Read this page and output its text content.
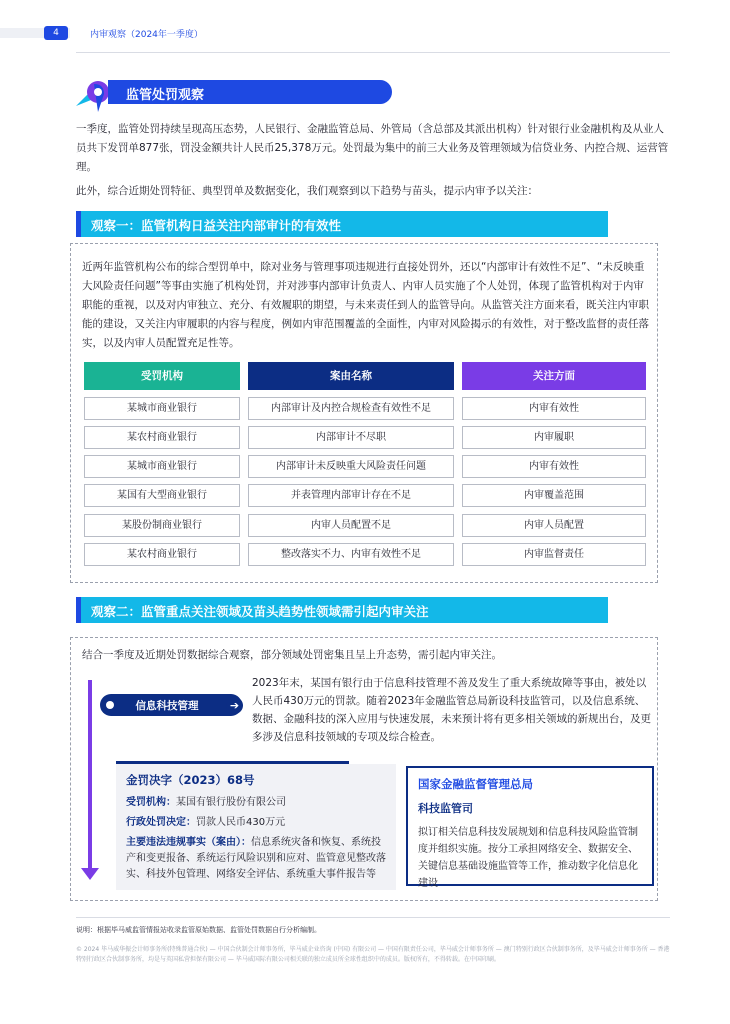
4	内审观察（2024年一季度）
监管处罚观察

一季度，监管处罚持续呈现高压态势，人民银行、金融监管总局、外管局（含总部及其派出机构）针对银行业金融机构及从业人员共下发罚单877张，罚没金额共计人民币25,378万元。处罚最为集中的前三大业务及管理领域为信贷业务、内控合规、运营管理。

此外，综合近期处罚特征、典型罚单及数据变化，我们观察到以下趋势与苗头，提示内审予以关注：

观察一：监管机构日益关注内部审计的有效性

近两年监管机构公布的综合型罚单中，除对业务与管理事项违规进行直接处罚外，还以“内部审计有效性不足”、“未反映重大风险责任问题”等事由实施了机构处罚，并对涉事内部审计负责人、内审人员实施了个人处罚，体现了监管机构对于内审职能的重视，以及对内审独立、充分、有效履职的期望，与未来责任到人的监管导向。从监管关注方面来看，既关注内审职能的建设，又关注内审履职的内容与程度，例如内审范围覆盖的全面性，内审对风险揭示的有效性，对于整改监督的责任落实，以及内审人员配置充足性等。

受罚机构	案由名称	关注方面
某城市商业银行	内部审计及内控合规检查有效性不足	内审有效性
某农村商业银行	内部审计不尽职	内审履职
某城市商业银行	内部审计未反映重大风险责任问题	内审有效性
某国有大型商业银行	并表管理内部审计存在不足	内审覆盖范围
某股份制商业银行	内审人员配置不足	内审人员配置
某农村商业银行	整改落实不力、内审有效性不足	内审监督责任
观察二：监管重点关注领域及苗头趋势性领域需引起内审关注

结合一季度及近期处罚数据综合观察，部分领域处罚密集且呈上升态势，需引起内审关注。

信息科技管理	➔

2023年末，某国有银行由于信息科技管理不善及发生了重大系统故障等事由，被处以人民币430万元的罚款。随着2023年金融监管总局新设科技监管司，以及信息系统、数据、金融科技的深入应用与快速发展，未来预计将有更多相关领域的新规出台，及更多涉及信息科技领域的专项及综合检查。

金罚决字（2023）68号
受罚机构：某国有银行股份有限公司
行政处罚决定：罚款人民币430万元
主要违法违规事实（案由）：信息系统灾备和恢复、系统投产和变更报备、系统运行风险识别和应对、监管意见整改落实、科技外包管理、网络安全评估、系统重大事件报告等
国家金融监督管理总局
科技监管司
拟订相关信息科技发展规划和信息科技风险监管制度并组织实施。按分工承担网络安全、数据安全、关键信息基础设施监管等工作，推动数字化信息化建设
说明：根据毕马威监管情报站收录监管原始数据、监管处罚数据自行分析编制。
© 2024 毕马威华振会计师事务所(特殊普通合伙) — 中国合伙制会计师事务所，毕马威企业咨询 (中国) 有限公司 — 中国有限责任公司，毕马威会计师事务所 — 澳门特别行政区合伙制事务所，及毕马威会计师事务所 — 香港特别行政区合伙制事务所，均是与英国私营担保有限公司 — 毕马威国际有限公司相关联的独立成员所全球性组织中的成员。版权所有，不得转载。在中国印刷。
